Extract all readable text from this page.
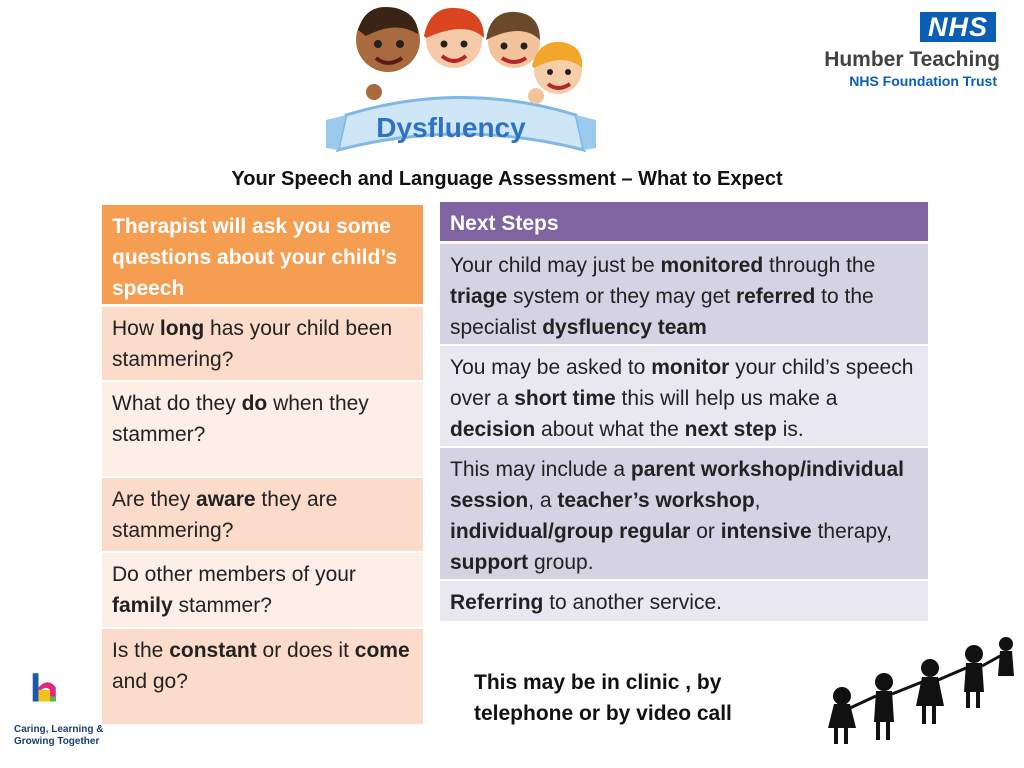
Dysfluency
NHS
Humber Teaching
NHS Foundation Trust
Your Speech and Language Assessment – What to Expect
Therapist will ask you some questions about your child’s speech
How long has your child been stammering?
What do they do when they stammer?
Are they aware they are stammering?
Do other members of your family stammer?
Is the constant or does it come and go?
Next Steps
Your child may just be monitored through the triage system or they may get referred to the specialist dysfluency team
You may be asked to monitor your child’s speech over a short time this will help us make a decision about what the next step is.
This may include a parent workshop/individual session, a teacher’s workshop, individual/group regular or intensive therapy, support group.
Referring to another service.
This may be in clinic , by telephone or by video call
Caring, Learning & Growing Together
